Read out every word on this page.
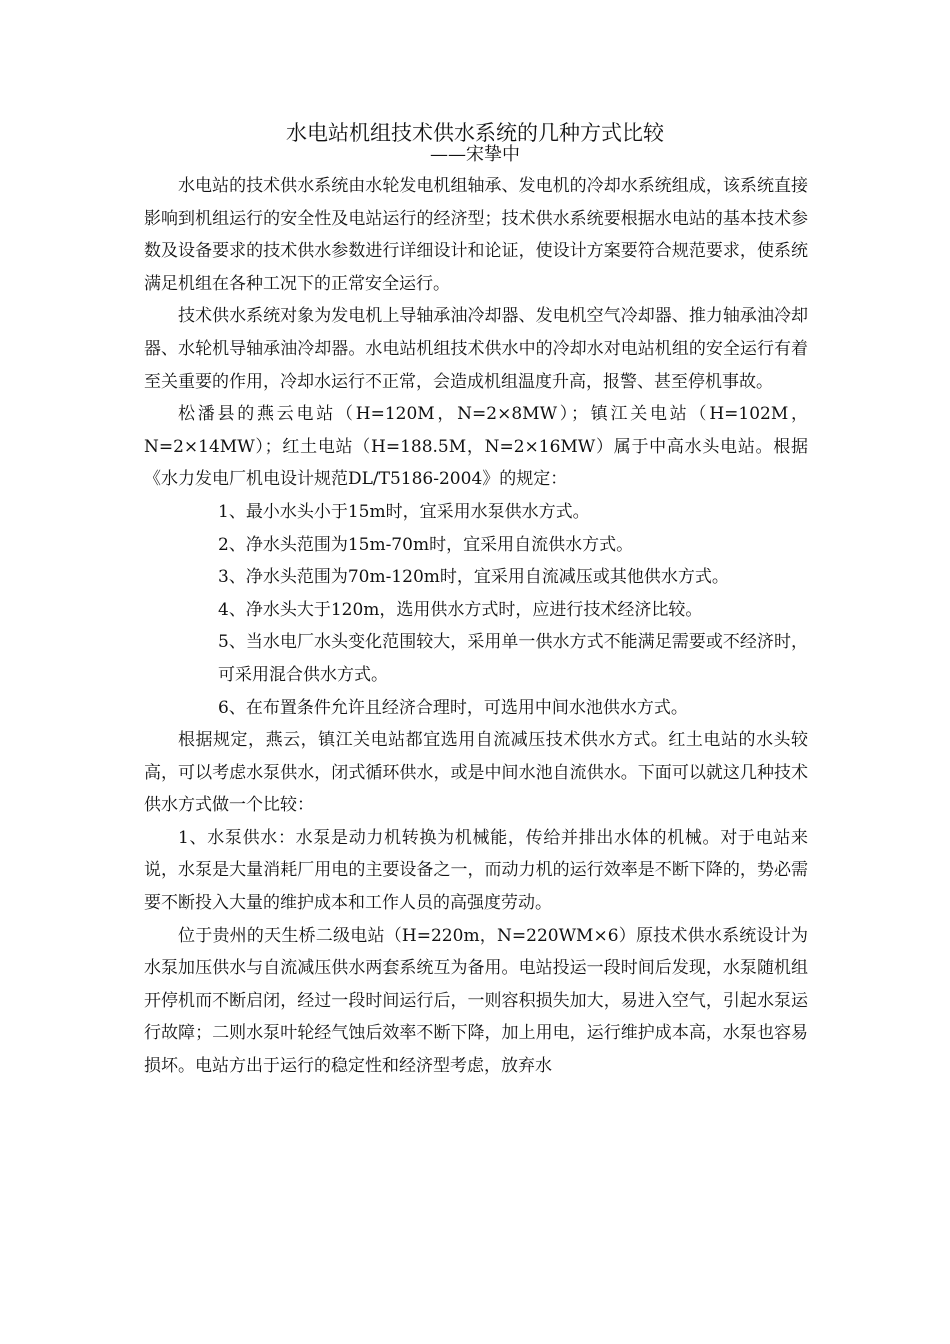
水电站机组技术供水系统的几种方式比较
——宋挚中

水电站的技术供水系统由水轮发电机组轴承、发电机的冷却水系统组成，该系统直接影响到机组运行的安全性及电站运行的经济型；技术供水系统要根据水电站的基本技术参数及设备要求的技术供水参数进行详细设计和论证，使设计方案要符合规范要求，使系统满足机组在各种工况下的正常安全运行。

技术供水系统对象为发电机上导轴承油冷却器、发电机空气冷却器、推力轴承油冷却器、水轮机导轴承油冷却器。水电站机组技术供水中的冷却水对电站机组的安全运行有着至关重要的作用，冷却水运行不正常，会造成机组温度升高，报警、甚至停机事故。

松潘县的燕云电站（H=120M，N=2×8MW）；镇江关电站（H=102M，N=2×14MW）；红土电站（H=188.5M，N=2×16MW）属于中高水头电站。根据《水力发电厂机电设计规范DL/T5186-2004》的规定：

1、最小水头小于15m时，宜采用水泵供水方式。

2、净水头范围为15m-70m时，宜采用自流供水方式。

3、净水头范围为70m-120m时，宜采用自流减压或其他供水方式。

4、净水头大于120m，选用供水方式时，应进行技术经济比较。

5、当水电厂水头变化范围较大，采用单一供水方式不能满足需要或不经济时，可采用混合供水方式。

6、在布置条件允许且经济合理时，可选用中间水池供水方式。

根据规定，燕云，镇江关电站都宜选用自流减压技术供水方式。红土电站的水头较高，可以考虑水泵供水，闭式循环供水，或是中间水池自流供水。下面可以就这几种技术供水方式做一个比较：

1、水泵供水：水泵是动力机转换为机械能，传给并排出水体的机械。对于电站来说，水泵是大量消耗厂用电的主要设备之一，而动力机的运行效率是不断下降的，势必需要不断投入大量的维护成本和工作人员的高强度劳动。

位于贵州的天生桥二级电站（H=220m，N=220WM×6）原技术供水系统设计为水泵加压供水与自流减压供水两套系统互为备用。电站投运一段时间后发现，水泵随机组开停机而不断启闭，经过一段时间运行后，一则容积损失加大，易进入空气，引起水泵运行故障；二则水泵叶轮经气蚀后效率不断下降，加上用电，运行维护成本高，水泵也容易损坏。电站方出于运行的稳定性和经济型考虑，放弃水
